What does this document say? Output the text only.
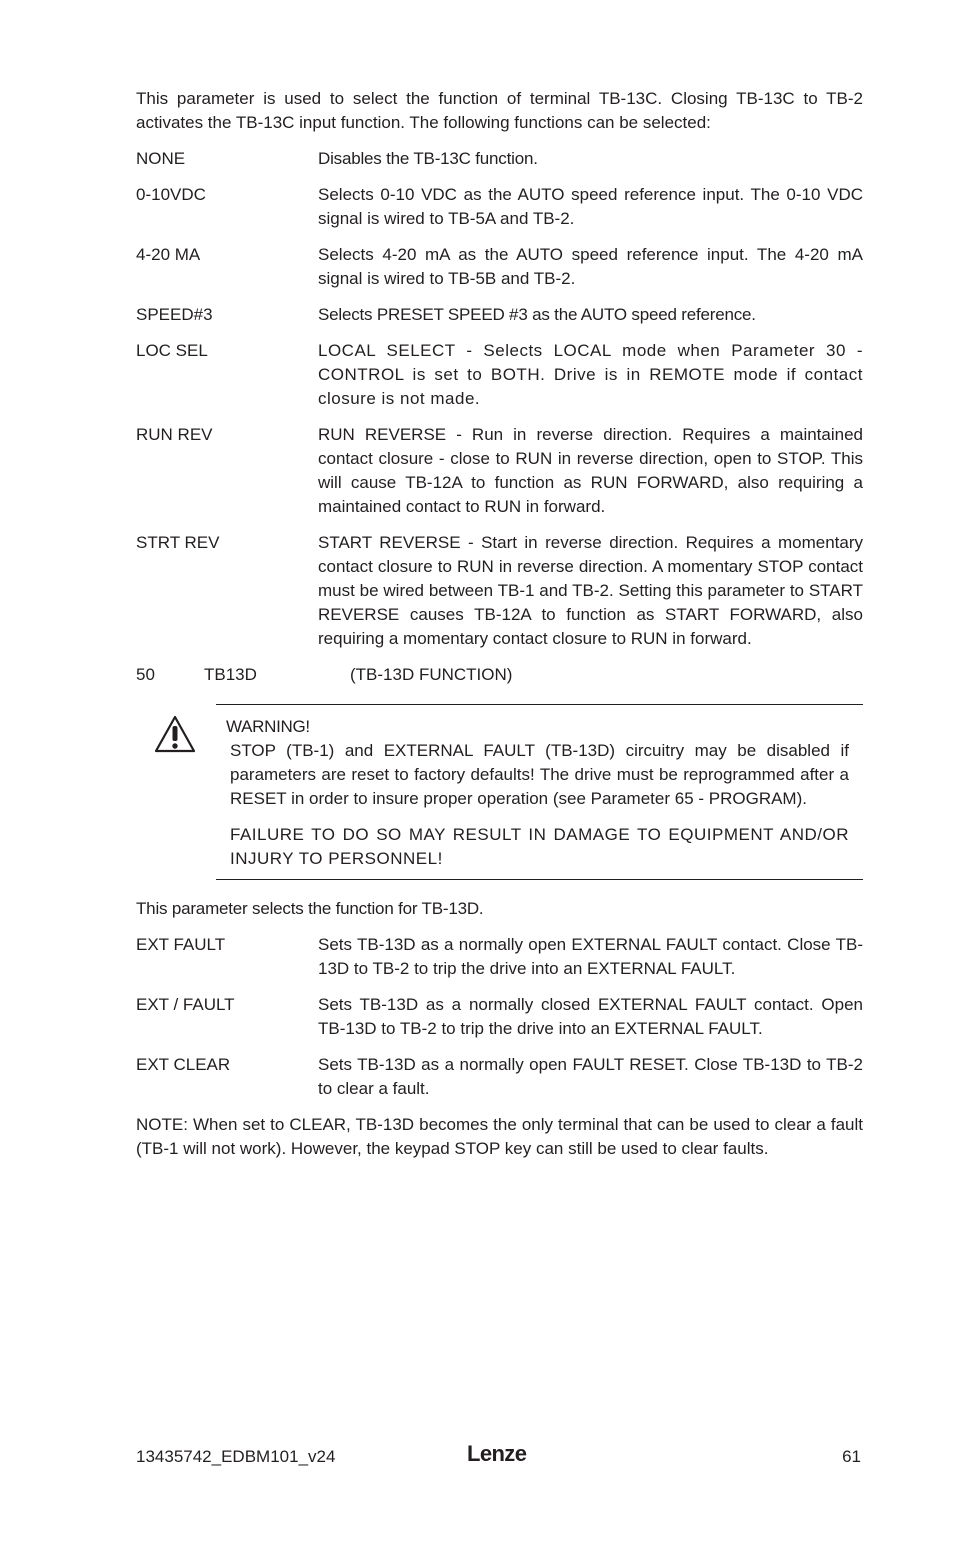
This parameter is used to select the function of terminal TB-13C. Closing TB-13C to TB-2 activates the TB-13C input function. The following functions can be selected:

NONE	Disables the TB-13C function.
0-10VDC	Selects 0-10 VDC as the AUTO speed reference input. The 0-10 VDC signal is wired to TB-5A and TB-2.
4-20 MA	Selects 4-20 mA as the AUTO speed reference input. The 4-20 mA signal is wired to TB-5B and TB-2.
SPEED#3	Selects PRESET SPEED #3 as the AUTO speed reference.
LOC SEL	LOCAL SELECT - Selects LOCAL mode when Parameter 30 - CONTROL is set to BOTH. Drive is in REMOTE mode if contact closure is not made.
RUN REV	RUN REVERSE - Run in reverse direction. Requires a maintained contact closure - close to RUN in reverse direction, open to STOP. This will cause TB-12A to function as RUN FORWARD, also requiring a maintained contact to RUN in forward.
STRT REV	START REVERSE - Start in reverse direction. Requires a momentary contact closure to RUN in reverse direction. A momentary STOP contact must be wired between TB-1 and TB-2. Setting this parameter to START REVERSE causes TB-12A to function as START FORWARD, also requiring a momentary contact closure to RUN in forward.
50	TB13D	(TB-13D FUNCTION)

WARNING!

STOP (TB-1) and EXTERNAL FAULT (TB-13D) circuitry may be disabled if parameters are reset to factory defaults! The drive must be reprogrammed after a RESET in order to insure proper operation (see Parameter 65 - PROGRAM).

FAILURE TO DO SO MAY RESULT IN DAMAGE TO EQUIPMENT AND/OR INJURY TO PERSONNEL!

This parameter selects the function for TB-13D.

EXT FAULT	Sets TB-13D as a normally open EXTERNAL FAULT contact. Close TB-13D to TB-2 to trip the drive into an EXTERNAL FAULT.
EXT / FAULT	Sets TB-13D as a normally closed EXTERNAL FAULT contact. Open TB-13D to TB-2 to trip the drive into an EXTERNAL FAULT.
EXT CLEAR	Sets TB-13D as a normally open FAULT RESET. Close TB-13D to TB-2 to clear a fault.

NOTE: When set to CLEAR, TB-13D becomes the only terminal that can be used to clear a fault (TB-1 will not work). However, the keypad STOP key can still be used to clear faults.

13435742_EDBM101_v24	Lenze	61
